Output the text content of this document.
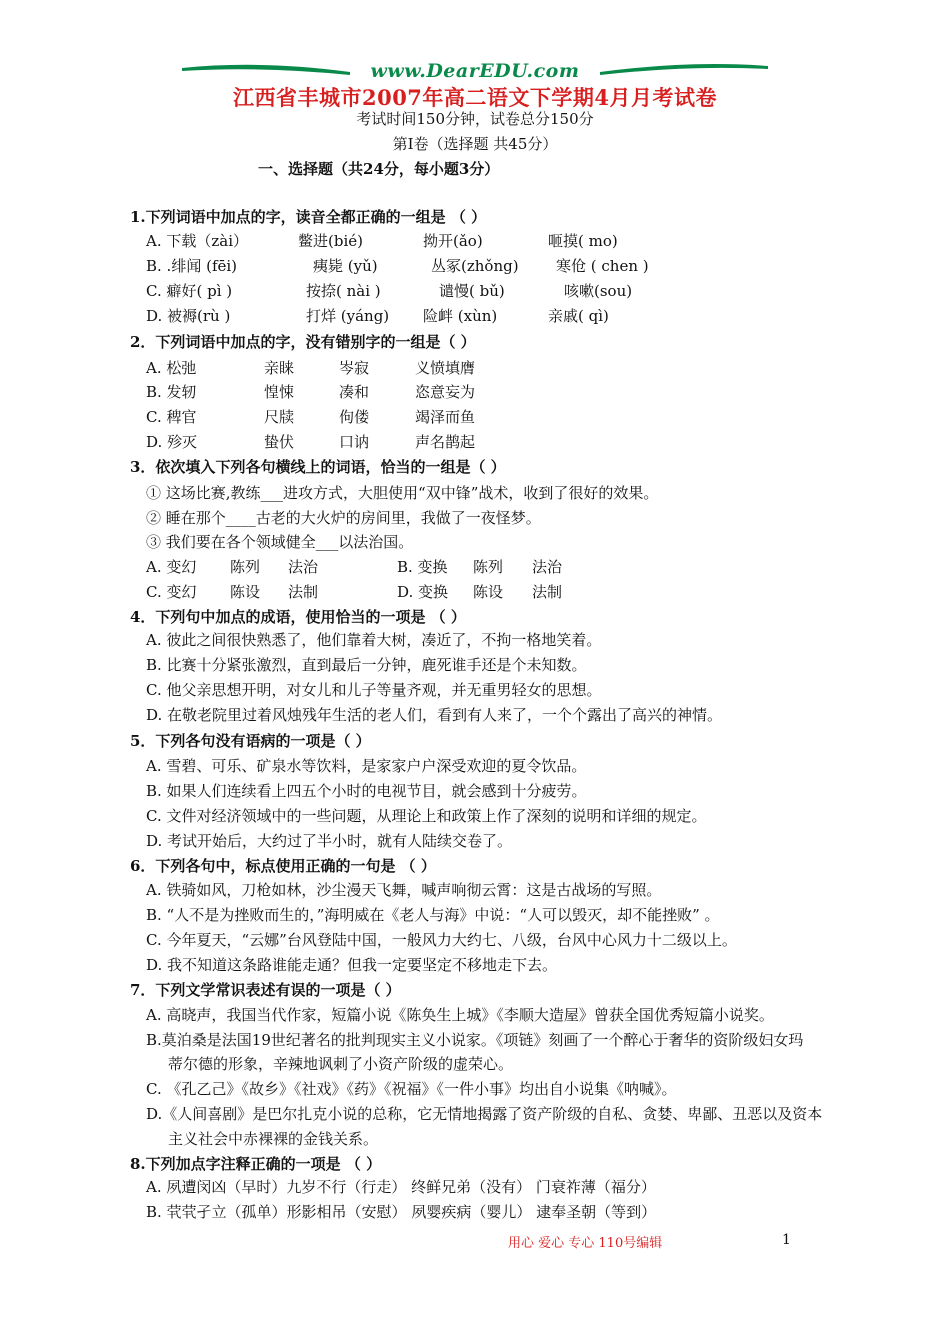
www.DearEDU.com
江西省丰城市2007年高二语文下学期4月月考试卷
考试时间150分钟，试卷总分150分
第Ⅰ卷（选择题 共45分）
一、选择题（共24分，每小题3分）
1.下列词语中加点的字，读音全都正确的一组是 （ ）
A. 下载（zài）	鳖进(bié)	拗开(ǎo)	咂摸( mo)
B. .绯闻 (fēi)	痍毙 (yǔ)	丛冢(zhǒng) 寒伧 ( chen )
C. 癖好( pì )	按捺( nài )	谴慢( bǔ)	咳嗽(sou)
D. 被褥(rù )	打烊 (yáng) 险衅 (xùn)	亲戚( qì)
2．下列词语中加点的字，没有错别字的一组是（ ）
A. 松弛	亲睐	岑寂	义愤填膺
B. 发轫	惶悚	凑和	恣意妄为
C. 稗官	尺牍	佝偻	竭泽而鱼
D. 殄灭	蛰伏	口讷	声名鹊起
3．依次填入下列各句横线上的词语，恰当的一组是（ ）
① 这场比赛,教练___进攻方式，大胆使用“双中锋”战术，收到了很好的效果。
② 睡在那个____古老的大火炉的房间里，我做了一夜怪梦。
③ 我们要在各个领域健全___以法治国。
A. 变幻 陈列 法治	B. 变换 陈列 法治
C. 变幻 陈设 法制	D. 变换 陈设 法制
4．下列句中加点的成语，使用恰当的一项是 （ ）
A. 彼此之间很快熟悉了，他们靠着大树，凑近了，不拘一格地笑着。
B. 比赛十分紧张激烈，直到最后一分钟，鹿死谁手还是个未知数。
C. 他父亲思想开明，对女儿和儿子等量齐观，并无重男轻女的思想。
D. 在敬老院里过着风烛残年生活的老人们，看到有人来了，一个个露出了高兴的神情。
5．下列各句没有语病的一项是（ ）
A. 雪碧、可乐、矿泉水等饮料，是家家户户深受欢迎的夏令饮品。
B. 如果人们连续看上四五个小时的电视节目，就会感到十分疲劳。
C. 文件对经济领域中的一些问题，从理论上和政策上作了深刻的说明和详细的规定。
D. 考试开始后，大约过了半小时，就有人陆续交卷了。
6．下列各句中，标点使用正确的一句是 （ ）
A. 铁骑如风，刀枪如林，沙尘漫天飞舞，喊声响彻云霄：这是古战场的写照。
B. “人不是为挫败而生的，”海明威在《老人与海》中说：“人可以毁灭，却不能挫败” 。
C. 今年夏天，“云娜”台风登陆中国，一般风力大约七、八级，台风中心风力十二级以上。
D. 我不知道这条路谁能走通？但我一定要坚定不移地走下去。
7．下列文学常识表述有误的一项是（ ）
A. 高晓声，我国当代作家，短篇小说《陈奂生上城》《李顺大造屋》曾获全国优秀短篇小说奖。
B.莫泊桑是法国19世纪著名的批判现实主义小说家。《项链》刻画了一个醉心于奢华的资阶级妇女玛
蒂尔德的形象，辛辣地讽刺了小资产阶级的虚荣心。
C. 《孔乙己》《故乡》《社戏》《药》《祝福》《一件小事》均出自小说集《呐喊》。
D.《人间喜剧》是巴尔扎克小说的总称，它无情地揭露了资产阶级的自私、贪婪、卑鄙、丑恶以及资本
主义社会中赤裸裸的金钱关系。
8.下列加点字注释正确的一项是 （ ）
A. 夙遭闵凶（早时）九岁不行（行走） 终鲜兄弟（没有） 门衰祚薄（福分）
B. 茕茕孑立（孤单）形影相吊（安慰） 夙婴疾病（婴儿） 逮奉圣朝（等到）
用心 爱心 专心 110号编辑	1
